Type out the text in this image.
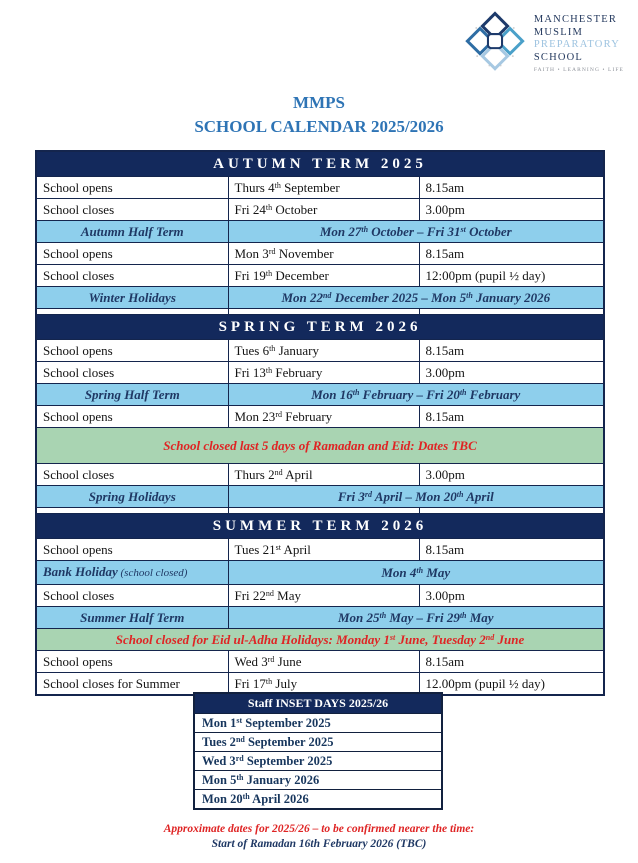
MANCHESTER
MUSLIM
PREPARATORY
SCHOOL
FAITH • LEARNING • LIFE
MMPS
SCHOOL CALENDAR 2025/2026
AUTUMN TERM 2025		
School opens	Thurs 4th September	8.15am
School closes	Fri 24th October	3.00pm
Autumn Half Term	Mon 27th October – Fri 31st October	
School opens	Mon 3rd November	8.15am
School closes	Fri 19th December	12:00pm (pupil ½ day)
Winter Holidays	Mon 22nd December 2025 – Mon 5th January 2026	

SPRING TERM 2026		
School opens	Tues 6th January	8.15am
School closes	Fri 13th February	3.00pm
Spring Half Term	Mon 16th February – Fri 20th February	
School opens	Mon 23rd February	8.15am
School closed last 5 days of Ramadan and Eid: Dates TBC		
School closes	Thurs 2nd April	3.00pm
Spring Holidays	Fri 3rd April – Mon 20th April	

SUMMER TERM 2026		
School opens	Tues 21st April	8.15am
Bank Holiday (school closed)	Mon 4th May	
School closes	Fri 22nd May	3.00pm
Summer Half Term	Mon 25th May – Fri 29th May	
School closed for Eid ul-Adha Holidays: Monday 1st June, Tuesday 2nd June		
School opens	Wed 3rd June	8.15am
School closes for Summer	Fri 17th July	12.00pm (pupil ½ day)
Staff INSET DAYS 2025/26
Mon 1st September 2025
Tues 2nd September 2025
Wed 3rd September 2025
Mon 5th January 2026
Mon 20th April 2026
Approximate dates for 2025/26 – to be confirmed nearer the time:
Start of Ramadan 16th February 2026 (TBC)
